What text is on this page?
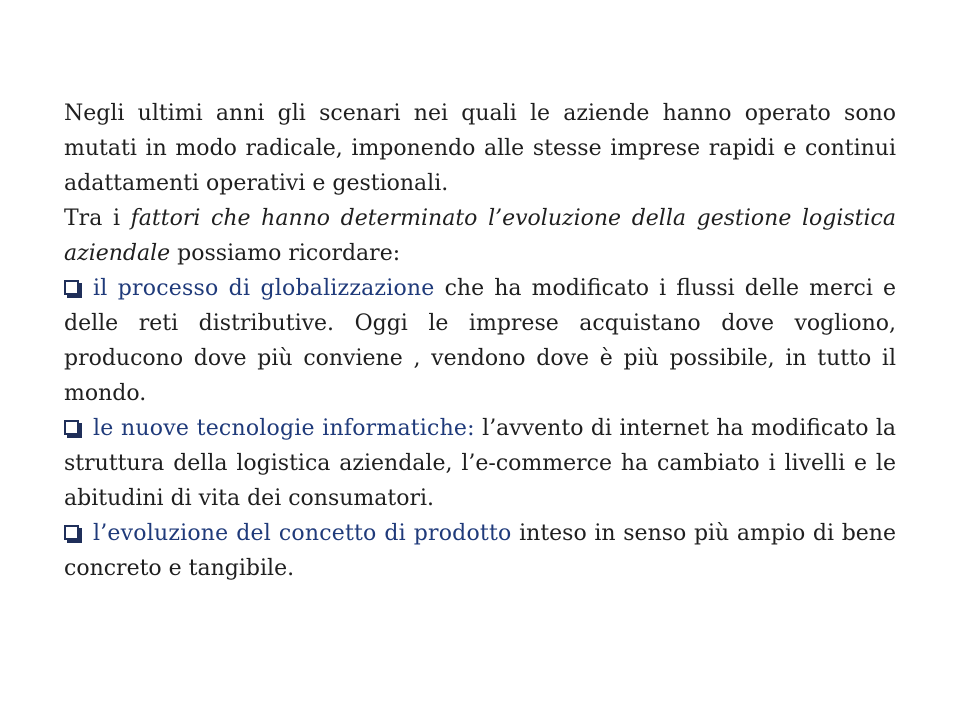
Negli ultimi anni gli scenari nei quali le aziende hanno operato sono mutati in modo radicale, imponendo alle stesse imprese rapidi e continui adattamenti operativi e gestionali.

Tra i fattori che hanno determinato l’evoluzione della gestione logistica aziendale possiamo ricordare:

il processo di globalizzazione che ha modificato i flussi delle merci e delle reti distributive. Oggi le imprese acquistano dove vogliono, producono dove più conviene , vendono dove è più possibile, in tutto il mondo.

le nuove tecnologie informatiche: l’avvento di internet ha modificato la struttura della logistica aziendale, l’e-commerce ha cambiato i livelli e le abitudini di vita dei consumatori.

l’evoluzione del concetto di prodotto inteso in senso più ampio di bene concreto e tangibile.
